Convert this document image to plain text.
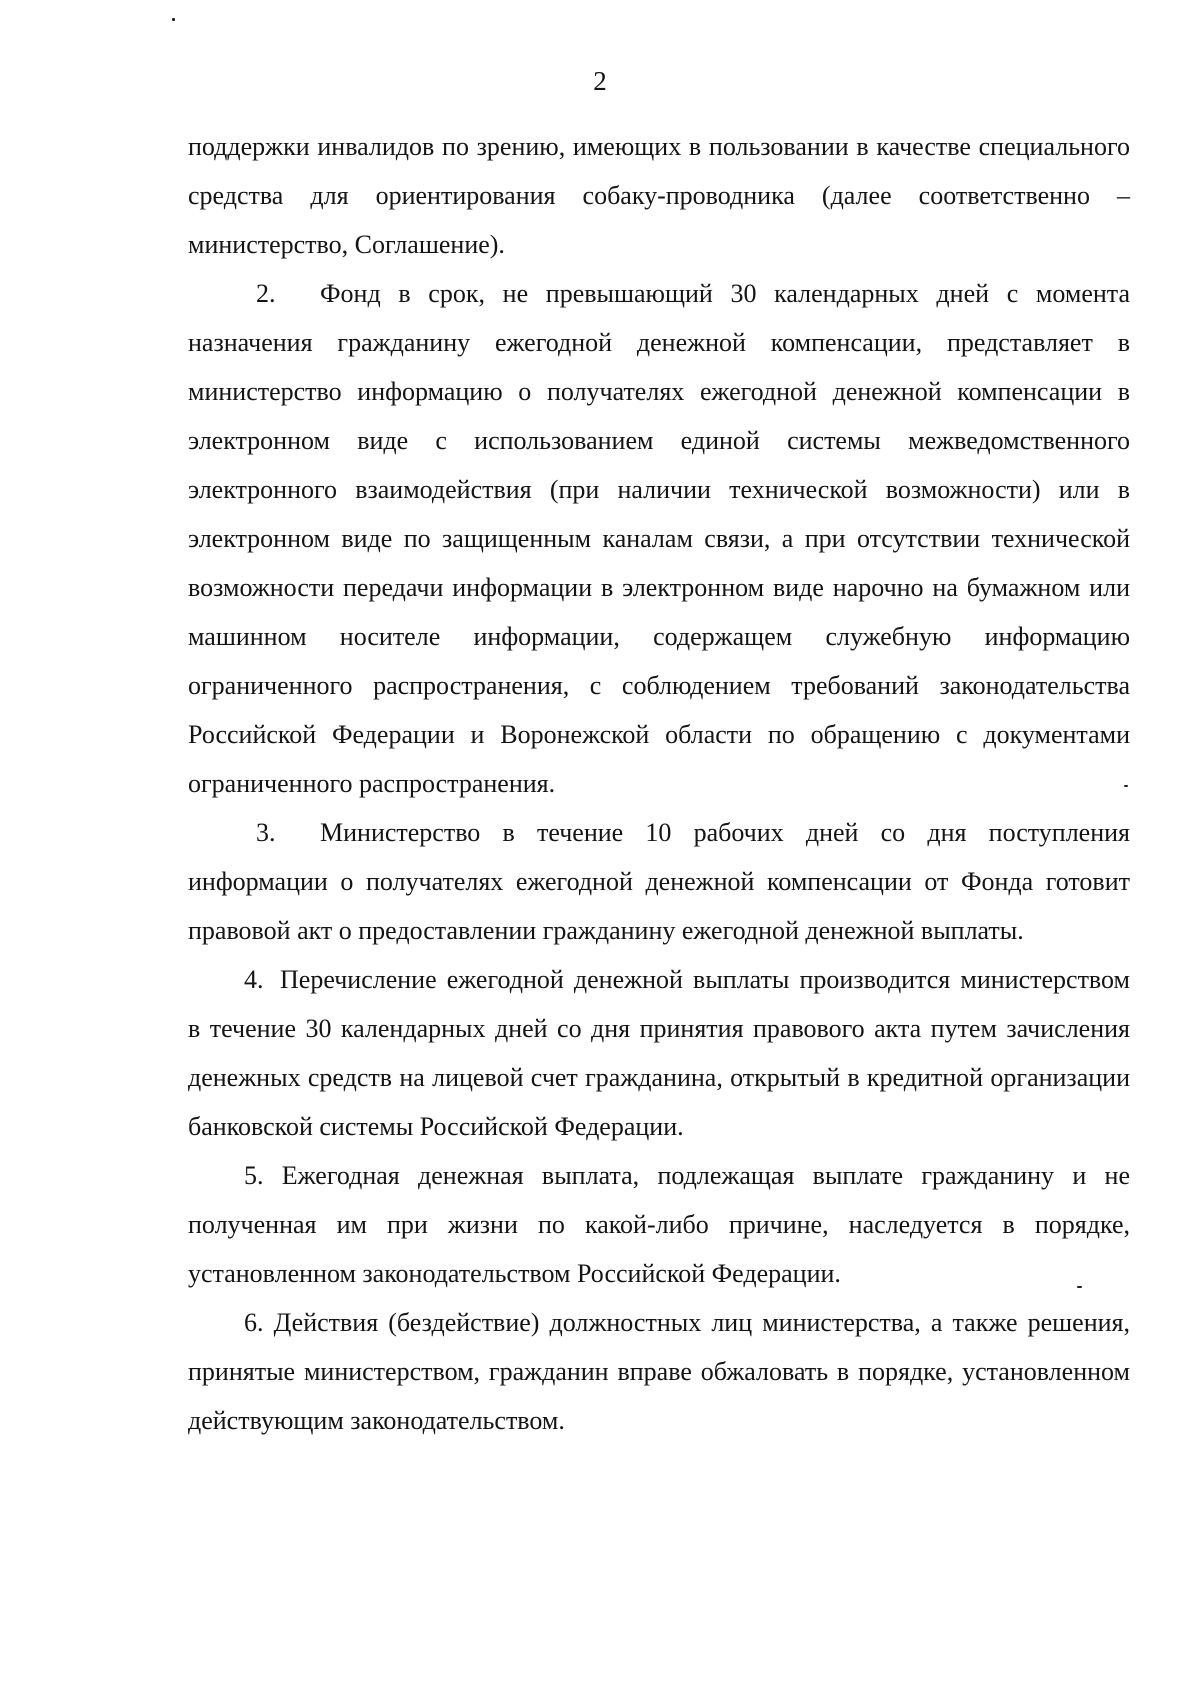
2

поддержки инвалидов по зрению, имеющих в пользовании в качестве специального средства для ориентирования собаку-проводника (далее соответственно – министерство, Соглашение).

2. Фонд в срок, не превышающий 30 календарных дней с момента назначения гражданину ежегодной денежной компенсации, представляет в министерство информацию о получателях ежегодной денежной компенсации в электронном виде с использованием единой системы межведомственного электронного взаимодействия (при наличии технической возможности) или в электронном виде по защищенным каналам связи, а при отсутствии технической возможности передачи информации в электронном виде нарочно на бумажном или машинном носителе информации, содержащем служебную информацию ограниченного распространения, с соблюдением требований законодательства Российской Федерации и Воронежской области по обращению с документами ограниченного распространения.

3. Министерство в течение 10 рабочих дней со дня поступления информации о получателях ежегодной денежной компенсации от Фонда готовит правовой акт о предоставлении гражданину ежегодной денежной выплаты.

4. Перечисление ежегодной денежной выплаты производится министерством в течение 30 календарных дней со дня принятия правового акта путем зачисления денежных средств на лицевой счет гражданина, открытый в кредитной организации банковской системы Российской Федерации.

5. Ежегодная денежная выплата, подлежащая выплате гражданину и не полученная им при жизни по какой-либо причине, наследуется в порядке, установленном законодательством Российской Федерации.

6. Действия (бездействие) должностных лиц министерства, а также решения, принятые министерством, гражданин вправе обжаловать в порядке, установленном действующим законодательством.
